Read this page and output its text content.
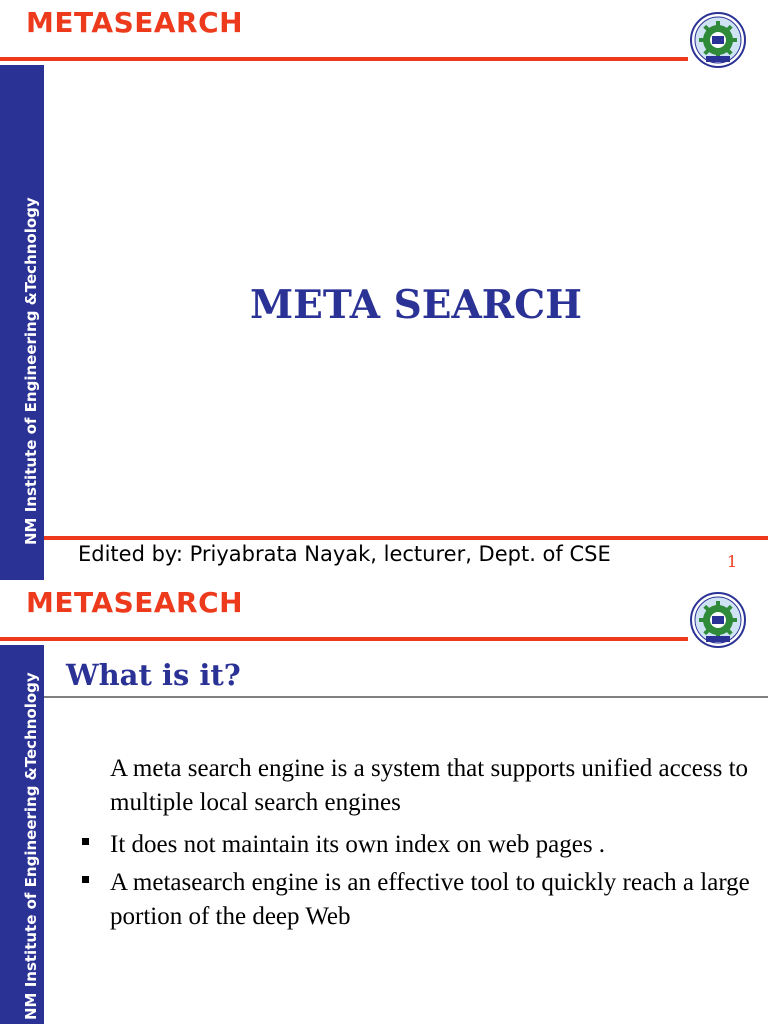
METASEARCH
NM Institute of Engineering &Technology	META SEARCH
Edited by: Priyabrata Nayak, lecturer, Dept. of CSE	1
METASEARCH
NM Institute of Engineering &Technology What is it?
A meta search engine is a system that supports unified access to multiple local search engines
It does not maintain its own index on web pages .
A metasearch engine is an effective tool to quickly reach a large portion of the deep Web
